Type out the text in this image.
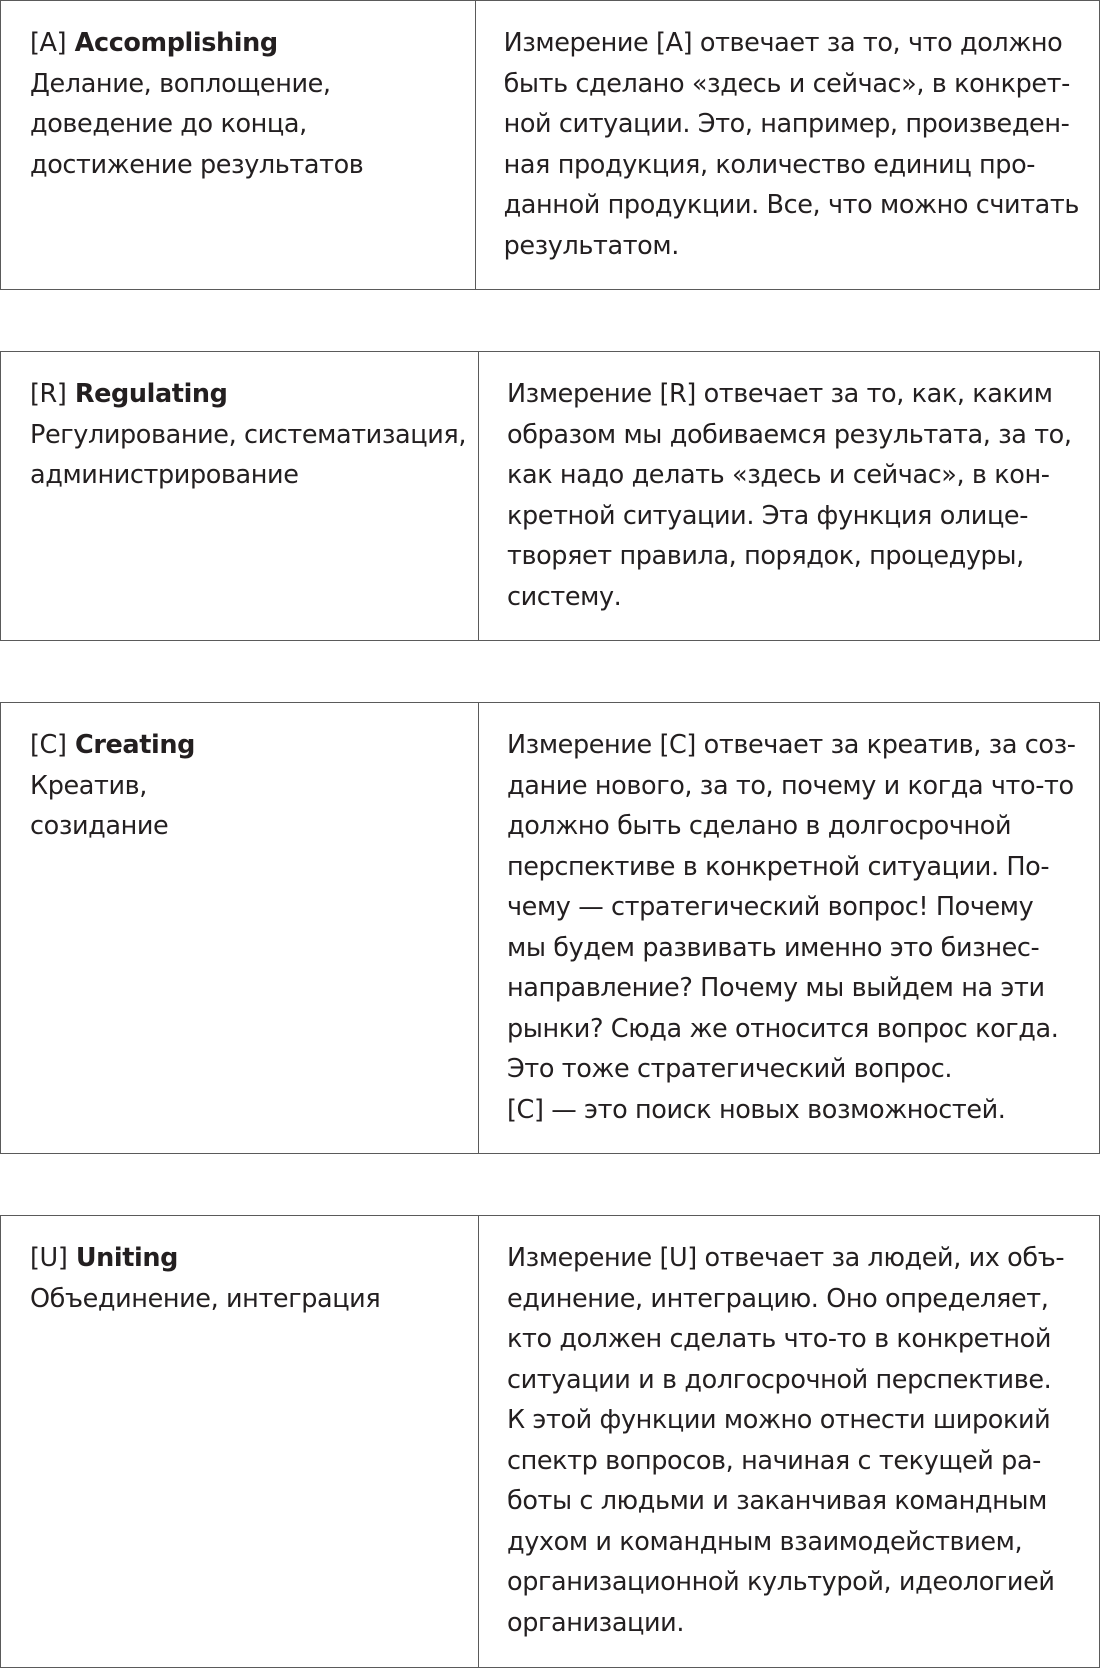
[A] Accomplishing
Делание, воплощение,
доведение до конца,
достижение результатов
Измерение [A] отвечает за то, что должно
быть сделано «здесь и сейчас», в конкрет-
ной ситуации. Это, например, произведен-
ная продукция, количество единиц про-
данной продукции. Все, что можно считать
результатом.
[R] Regulating
Регулирование, систематизация,
администрирование
Измерение [R] отвечает за то, как, каким
образом мы добиваемся результата, за то,
как надо делать «здесь и сейчас», в кон-
кретной ситуации. Эта функция олице-
творяет правила, порядок, процедуры,
систему.
[C] Creating
Креатив,
созидание
Измерение [C] отвечает за креатив, за соз-
дание нового, за то, почему и когда что-то
должно быть сделано в долгосрочной
перспективе в конкретной ситуации. По-
чему — стратегический вопрос! Почему
мы будем развивать именно это бизнес-
направление? Почему мы выйдем на эти
рынки? Сюда же относится вопрос когда.
Это тоже стратегический вопрос.
[C] — это поиск новых возможностей.
[U] Uniting
Объединение, интеграция
Измерение [U] отвечает за людей, их объ-
единение, интеграцию. Оно определяет,
кто должен сделать что-то в конкретной
ситуации и в долгосрочной перспективе.
К этой функции можно отнести широкий
спектр вопросов, начиная с текущей ра-
боты с людьми и заканчивая командным
духом и командным взаимодействием,
организационной культурой, идеологией
организации.
